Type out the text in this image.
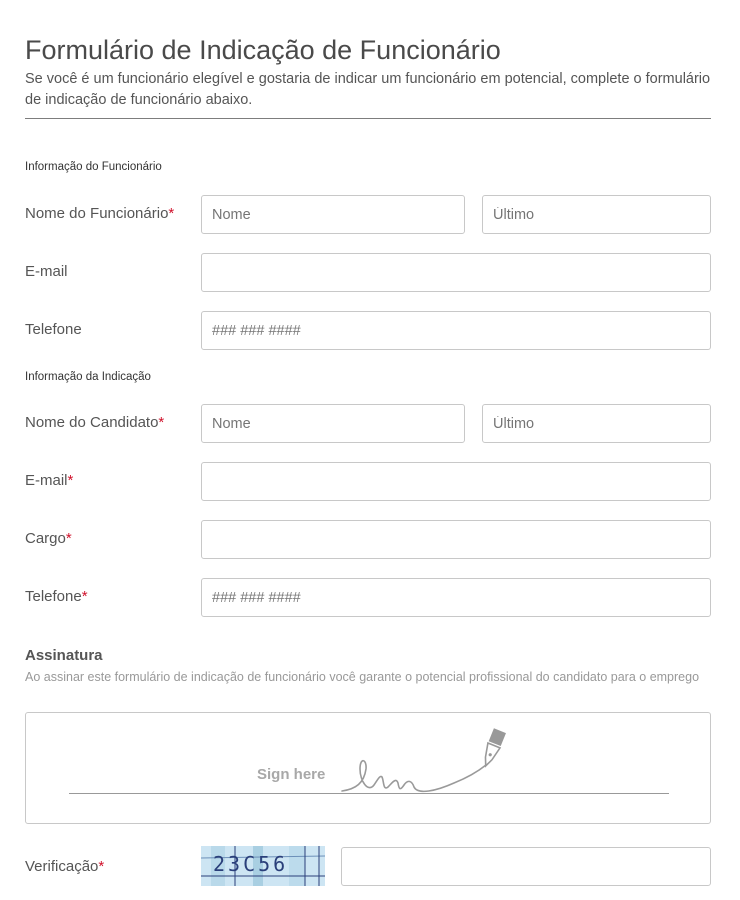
Formulário de Indicação de Funcionário

Se você é um funcionário elegível e gostaria de indicar um funcionário em potencial, complete o formulário de indicação de funcionário abaixo.

Informação do Funcionário
Nome do Funcionário*
Nome
Último
E-mail
Telefone
### ### ####
Informação da Indicação
Nome do Candidato*
Nome
Último
E-mail*
Cargo*
Telefone*
### ### ####
Assinatura
Ao assinar este formulário de indicação de funcionário você garante o potencial profissional do candidato para o emprego
Sign here
Verificação*	23C56
